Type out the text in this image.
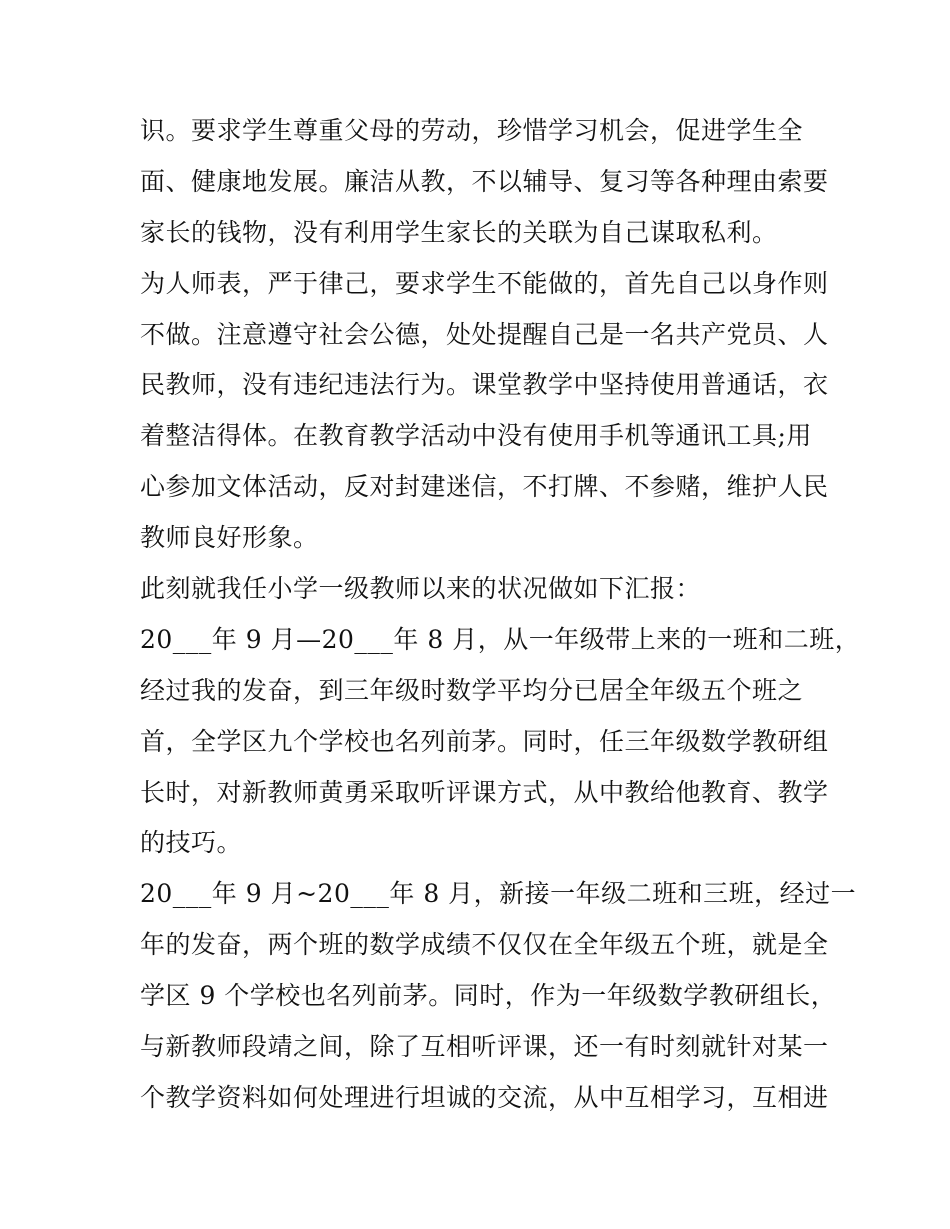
识。要求学生尊重父母的劳动，珍惜学习机会，促进学生全
面、健康地发展。廉洁从教，不以辅导、复习等各种理由索要
家长的钱物，没有利用学生家长的关联为自己谋取私利。
为人师表，严于律己，要求学生不能做的，首先自己以身作则
不做。注意遵守社会公德，处处提醒自己是一名共产党员、人
民教师，没有违纪违法行为。课堂教学中坚持使用普通话，衣
着整洁得体。在教育教学活动中没有使用手机等通讯工具;用
心参加文体活动，反对封建迷信，不打牌、不参赌，维护人民
教师良好形象。
此刻就我任小学一级教师以来的状况做如下汇报：
20___年 9 月—20___年 8 月，从一年级带上来的一班和二班，
经过我的发奋，到三年级时数学平均分已居全年级五个班之
首，全学区九个学校也名列前茅。同时，任三年级数学教研组
长时，对新教师黄勇采取听评课方式，从中教给他教育、教学
的技巧。
20___年 9 月~20___年 8 月，新接一年级二班和三班，经过一
年的发奋，两个班的数学成绩不仅仅在全年级五个班，就是全
学区 9 个学校也名列前茅。同时，作为一年级数学教研组长，
与新教师段靖之间，除了互相听评课，还一有时刻就针对某一
个教学资料如何处理进行坦诚的交流，从中互相学习，互相进
